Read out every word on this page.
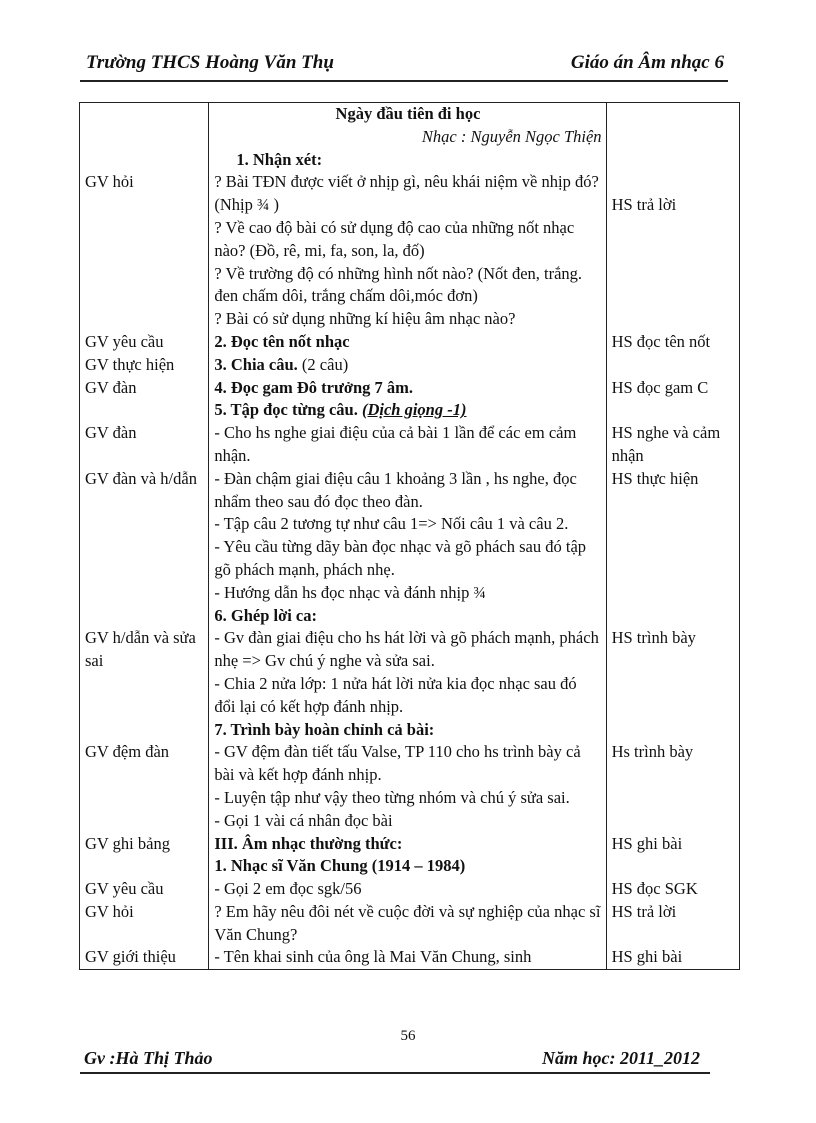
Trường THCS Hoàng Văn Thụ	Giáo án Âm nhạc 6

	Ngày đầu tiên đi học
Nhạc : Nguyễn Ngọc Thiện
1. Nhận xét:	

GV hỏi	? Bài TĐN được viết ở nhịp gì, nêu khái niệm về nhịp đó? (Nhịp ¾ )	HS trả lời
	? Về cao độ bài có sử dụng độ cao của những nốt nhạc nào? (Đồ, rê, mi, fa, son, la, đố)	
	? Về trường độ có những hình nốt nào? (Nốt đen, trắng. đen chấm dôi, trắng chấm dôi,móc đơn)	
	? Bài có sử dụng những kí hiệu âm nhạc nào?	
GV yêu cầu	2. Đọc tên nốt nhạc	HS đọc tên nốt
GV thực hiện	3. Chia câu. (2 câu)	
GV đàn	4. Đọc gam Đô trưởng 7 âm.	HS đọc gam C
	5. Tập đọc từng câu. (Dịch giọng -1)	
GV đàn	- Cho hs nghe giai điệu của cả bài 1 lần để các em cảm nhận.	HS nghe và cảm nhận
GV đàn và h/dẫn	- Đàn chậm giai điệu câu 1 khoảng 3 lần , hs nghe, đọc nhẩm theo sau đó đọc theo đàn.	HS thực hiện
	- Tập câu 2 tương tự như câu 1=> Nối câu 1 và câu 2.	
	- Yêu cầu từng dãy bàn đọc nhạc và gõ phách sau đó tập gõ phách mạnh, phách nhẹ.	
	- Hướng dẫn hs đọc nhạc và đánh nhịp ¾	
	6. Ghép lời ca:	
GV h/dẫn và sửa sai	- Gv đàn giai điệu cho hs hát lời và gõ phách mạnh, phách nhẹ => Gv chú ý nghe và sửa sai.	HS trình bày
	- Chia 2 nửa lớp: 1 nửa hát lời nửa kia đọc nhạc sau đó đổi lại có kết hợp đánh nhịp.	
	7. Trình bày hoàn chỉnh cả bài:	
GV đệm đàn	- GV đệm đàn tiết tấu Valse, TP 110 cho hs trình bày cả bài và kết hợp đánh nhịp.	Hs trình bày
	- Luyện tập như vậy theo từng nhóm và chú ý sửa sai.	
	- Gọi 1 vài cá nhân đọc bài	
GV ghi bảng	III. Âm nhạc thường thức:	HS ghi bài
	1. Nhạc sĩ Văn Chung (1914 – 1984)	
GV yêu cầu	- Gọi 2 em đọc sgk/56	HS đọc SGK
GV hỏi	? Em hãy nêu đôi nét về cuộc đời và sự nghiệp của nhạc sĩ Văn Chung?	HS trả lời
GV giới thiệu	- Tên khai sinh của ông là Mai Văn Chung, sinh	HS ghi bài
56
Gv :Hà Thị Thảo	Năm học: 2011_2012
